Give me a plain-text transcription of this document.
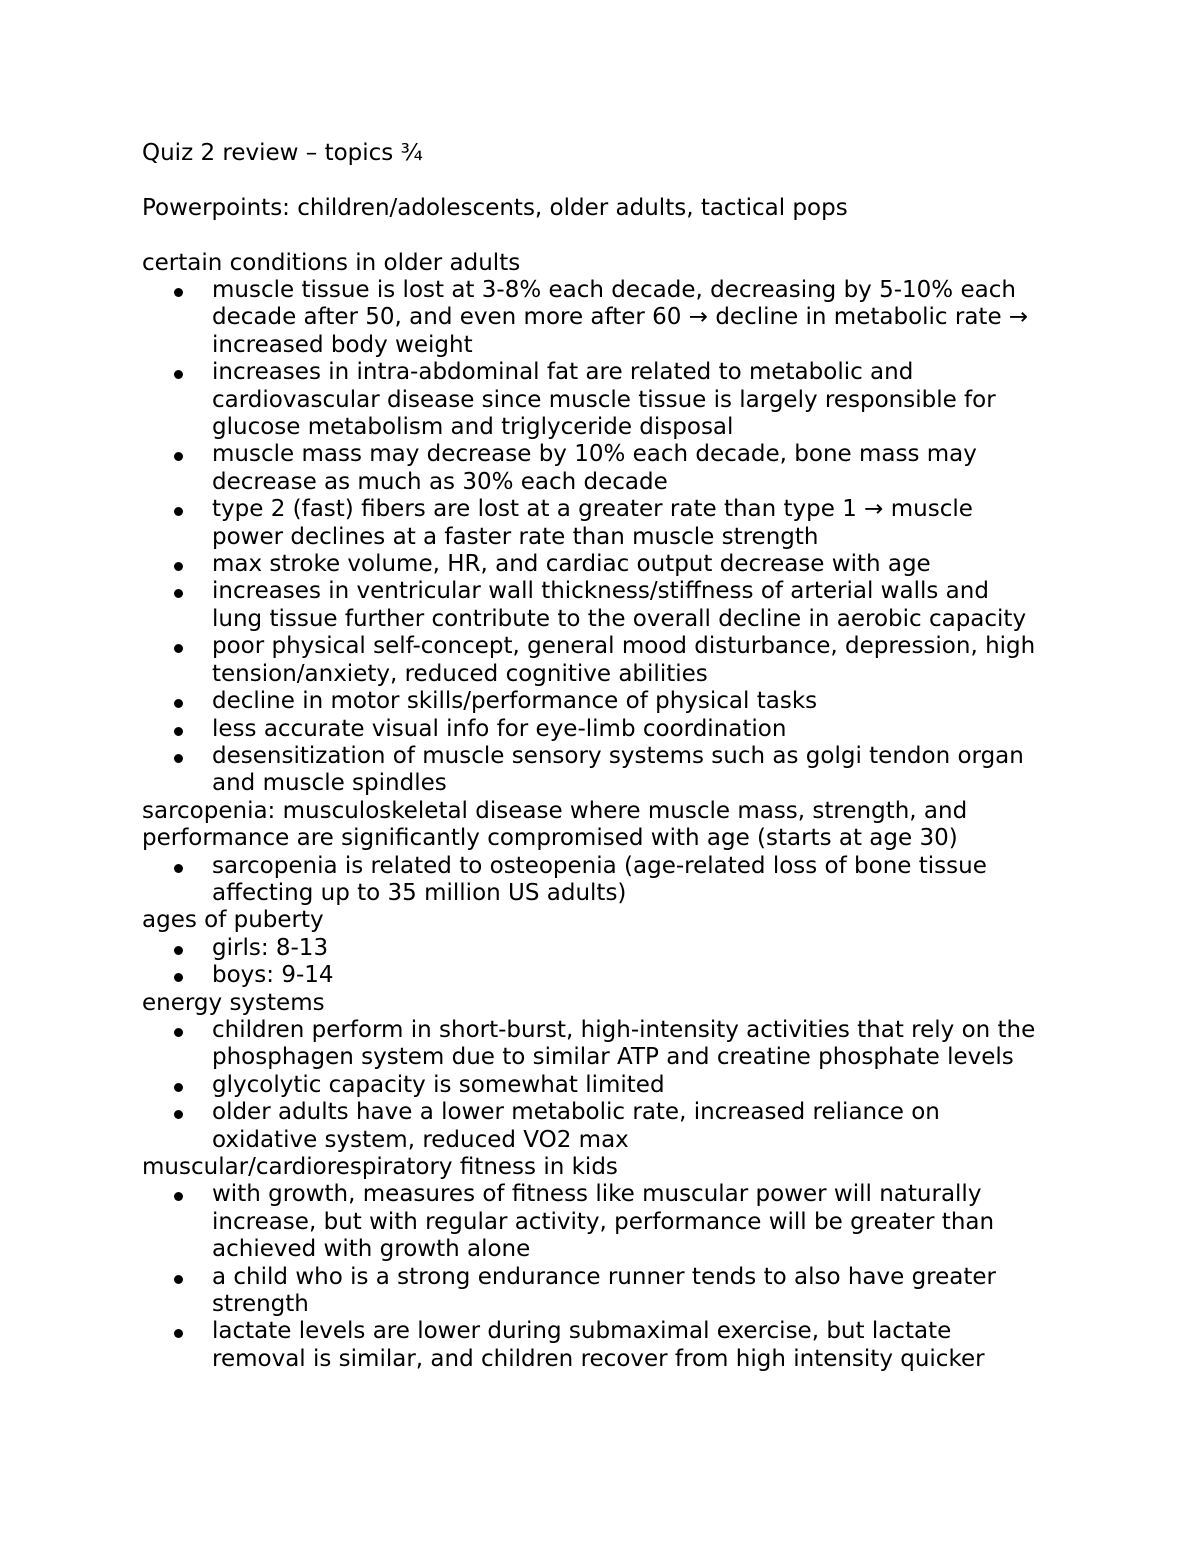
Quiz 2 review – topics ¾

Powerpoints: children/adolescents, older adults, tactical pops

certain conditions in older adults

muscle tissue is lost at 3-8% each decade, decreasing by 5-10% each
decade after 50, and even more after 60 → decline in metabolic rate →
increased body weight
increases in intra-abdominal fat are related to metabolic and
cardiovascular disease since muscle tissue is largely responsible for
glucose metabolism and triglyceride disposal
muscle mass may decrease by 10% each decade, bone mass may
decrease as much as 30% each decade
type 2 (fast) fibers are lost at a greater rate than type 1 → muscle
power declines at a faster rate than muscle strength
max stroke volume, HR, and cardiac output decrease with age
increases in ventricular wall thickness/stiffness of arterial walls and
lung tissue further contribute to the overall decline in aerobic capacity
poor physical self-concept, general mood disturbance, depression, high
tension/anxiety, reduced cognitive abilities
decline in motor skills/performance of physical tasks
less accurate visual info for eye-limb coordination
desensitization of muscle sensory systems such as golgi tendon organ
and muscle spindles

sarcopenia: musculoskeletal disease where muscle mass, strength, and

performance are significantly compromised with age (starts at age 30)

sarcopenia is related to osteopenia (age-related loss of bone tissue
affecting up to 35 million US adults)

ages of puberty

girls: 8-13
boys: 9-14

energy systems

children perform in short-burst, high-intensity activities that rely on the
phosphagen system due to similar ATP and creatine phosphate levels
glycolytic capacity is somewhat limited
older adults have a lower metabolic rate, increased reliance on
oxidative system, reduced VO2 max

muscular/cardiorespiratory fitness in kids

with growth, measures of fitness like muscular power will naturally
increase, but with regular activity, performance will be greater than
achieved with growth alone
a child who is a strong endurance runner tends to also have greater
strength
lactate levels are lower during submaximal exercise, but lactate
removal is similar, and children recover from high intensity quicker
